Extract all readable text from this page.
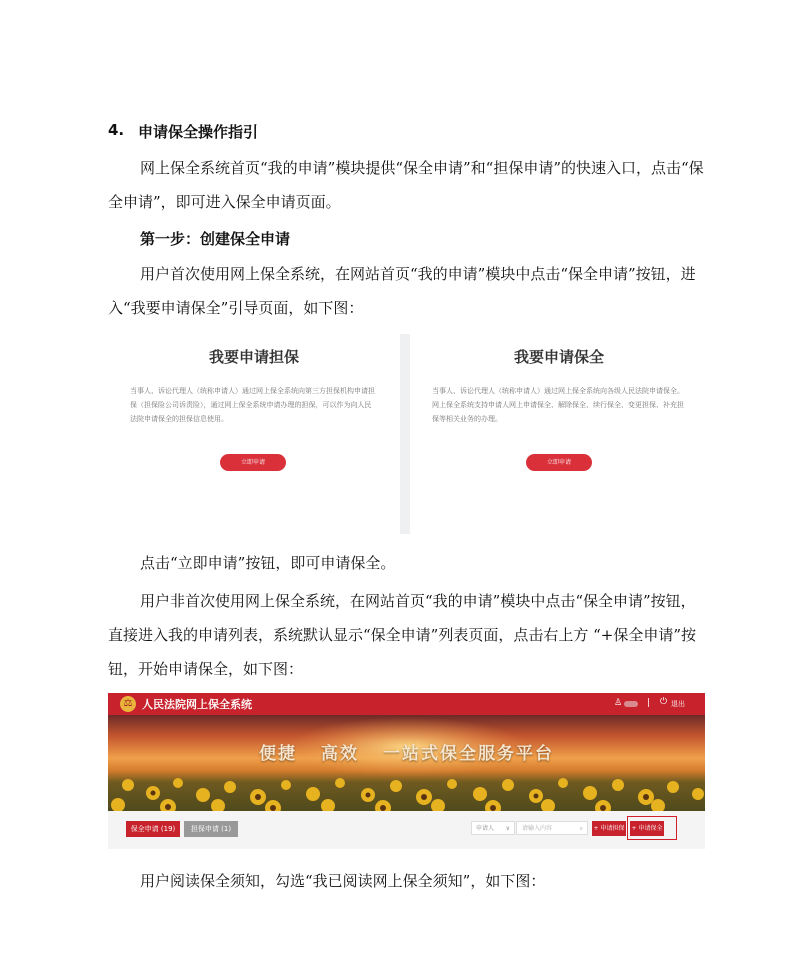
4. 申请保全操作指引

网上保全系统首页“我的申请”模块提供“保全申请”和“担保申请”的快速入口，点击“保全申请”，即可进入保全申请页面。

第一步：创建保全申请

用户首次使用网上保全系统，在网站首页“我的申请”模块中点击“保全申请”按钮，进入“我要申请保全”引导页面，如下图：

我要申请担保
当事人、诉讼代理人（统称申请人）通过网上保全系统向第三方担保机构申请担保（担保险公司诉责险），通过网上保全系统申请办理的担保，可以作为向人民法院申请保全的担保信息使用。
立即申请
我要申请保全
当事人、诉讼代理人（统称申请人）通过网上保全系统向各级人民法院申请保全。网上保全系统支持申请人网上申请保全、解除保全、续行保全、变更担保、补充担保等相关业务的办理。
立即申请

点击“立即申请”按钮，即可申请保全。

用户非首次使用网上保全系统，在网站首页“我的申请”模块中点击“保全申请”按钮，直接进入我的申请列表，系统默认显示“保全申请”列表页面，点击右上方 “+保全申请”按钮，开始申请保全，如下图：

⚖ 人民法院网上保全系统	♙	| ⏻ 退出
便捷 高效 一站式保全服务平台
保全申请 (19)	担保申请 (1)	申请人 ∨	请输入内容	⌕ + 申请担保 + 申请保全

用户阅读保全须知，勾选“我已阅读网上保全须知”，如下图：
